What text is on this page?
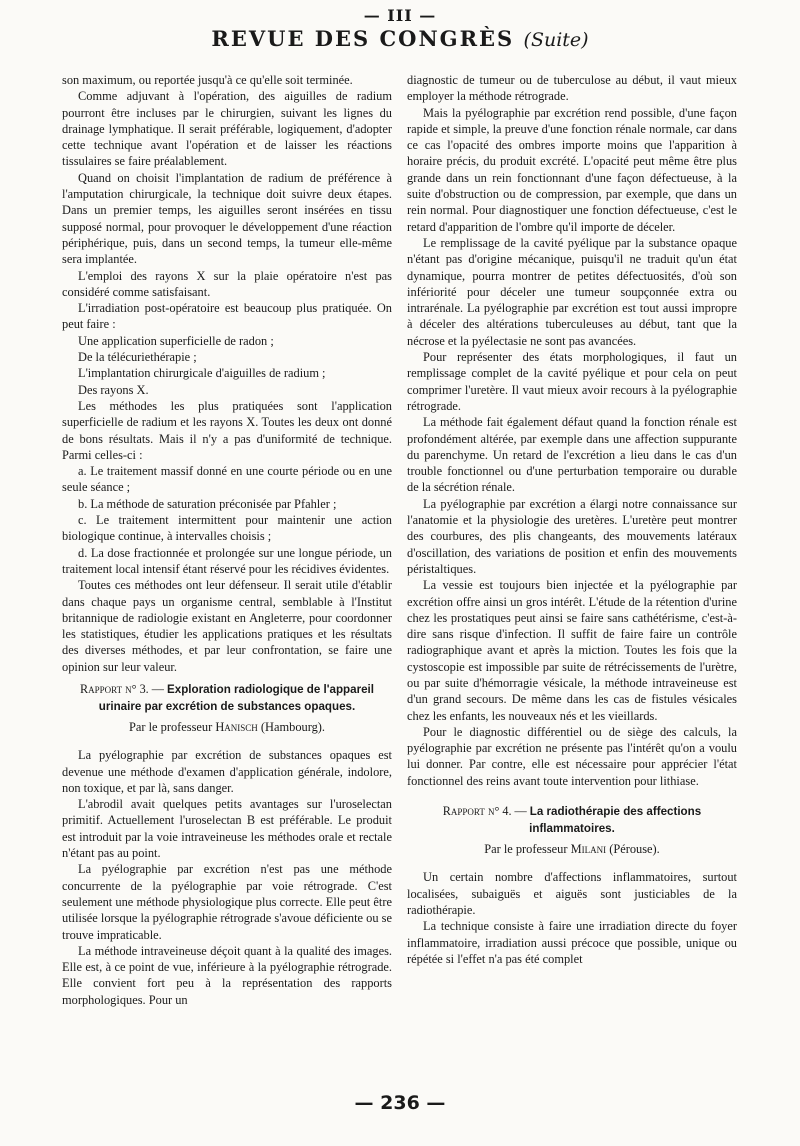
— III —
REVUE DES CONGRÈS (Suite)

son maximum, ou reportée jusqu'à ce qu'elle soit terminée.

Comme adjuvant à l'opération, des aiguilles de radium pourront être incluses par le chirurgien, suivant les lignes du drainage lymphatique. Il serait préférable, logiquement, d'adopter cette technique avant l'opération et de laisser les réactions tissulaires se faire préalablement.

Quand on choisit l'implantation de radium de préférence à l'amputation chirurgicale, la technique doit suivre deux étapes. Dans un premier temps, les aiguilles seront insérées en tissu supposé normal, pour provoquer le développement d'une réaction périphérique, puis, dans un second temps, la tumeur elle-même sera implantée.

L'emploi des rayons X sur la plaie opératoire n'est pas considéré comme satisfaisant.

L'irradiation post-opératoire est beaucoup plus pratiquée. On peut faire :

Une application superficielle de radon ;

De la télécuriethérapie ;

L'implantation chirurgicale d'aiguilles de radium ;

Des rayons X.

Les méthodes les plus pratiquées sont l'application superficielle de radium et les rayons X. Toutes les deux ont donné de bons résultats. Mais il n'y a pas d'uniformité de technique. Parmi celles-ci :

a. Le traitement massif donné en une courte période ou en une seule séance ;

b. La méthode de saturation préconisée par Pfahler ;

c. Le traitement intermittent pour maintenir une action biologique continue, à intervalles choisis ;

d. La dose fractionnée et prolongée sur une longue période, un traitement local intensif étant réservé pour les récidives évidentes.

Toutes ces méthodes ont leur défenseur. Il serait utile d'établir dans chaque pays un organisme central, semblable à l'Institut britannique de radiologie existant en Angleterre, pour coordonner les statistiques, étudier les applications pratiques et les résultats des diverses méthodes, et par leur confrontation, se faire une opinion sur leur valeur.

Rapport n° 3. — Exploration radiologique de l'appareil urinaire par excrétion de substances opaques.
Par le professeur Hanisch (Hambourg).

La pyélographie par excrétion de substances opaques est devenue une méthode d'examen d'application générale, indolore, non toxique, et par là, sans danger.

L'abrodil avait quelques petits avantages sur l'uroselectan primitif. Actuellement l'uroselectan B est préférable. Le produit est introduit par la voie intraveineuse les méthodes orale et rectale n'étant pas au point.

La pyélographie par excrétion n'est pas une méthode concurrente de la pyélographie par voie rétrograde. C'est seulement une méthode physiologique plus correcte. Elle peut être utilisée lorsque la pyélographie rétrograde s'avoue déficiente ou se trouve impraticable.

La méthode intraveineuse déçoit quant à la qualité des images. Elle est, à ce point de vue, inférieure à la pyélographie rétrograde. Elle convient fort peu à la représentation des rapports morphologiques. Pour un

diagnostic de tumeur ou de tuberculose au début, il vaut mieux employer la méthode rétrograde.

Mais la pyélographie par excrétion rend possible, d'une façon rapide et simple, la preuve d'une fonction rénale normale, car dans ce cas l'opacité des ombres importe moins que l'apparition à horaire précis, du produit excrété. L'opacité peut même être plus grande dans un rein fonctionnant d'une façon défectueuse, à la suite d'obstruction ou de compression, par exemple, que dans un rein normal. Pour diagnostiquer une fonction défectueuse, c'est le retard d'apparition de l'ombre qu'il importe de déceler.

Le remplissage de la cavité pyélique par la substance opaque n'étant pas d'origine mécanique, puisqu'il ne traduit qu'un état dynamique, pourra montrer de petites défectuosités, d'où son infériorité pour déceler une tumeur soupçonnée extra ou intrarénale. La pyélographie par excrétion est tout aussi impropre à déceler des altérations tuberculeuses au début, tant que la nécrose et la pyélectasie ne sont pas avancées.

Pour représenter des états morphologiques, il faut un remplissage complet de la cavité pyélique et pour cela on peut comprimer l'uretère. Il vaut mieux avoir recours à la pyélographie rétrograde.

La méthode fait également défaut quand la fonction rénale est profondément altérée, par exemple dans une affection suppurante du parenchyme. Un retard de l'excrétion a lieu dans le cas d'un trouble fonctionnel ou d'une perturbation temporaire ou durable de la sécrétion rénale.

La pyélographie par excrétion a élargi notre connaissance sur l'anatomie et la physiologie des uretères. L'uretère peut montrer des courbures, des plis changeants, des mouvements latéraux d'oscillation, des variations de position et enfin des mouvements péristaltiques.

La vessie est toujours bien injectée et la pyélographie par excrétion offre ainsi un gros intérêt. L'étude de la rétention d'urine chez les prostatiques peut ainsi se faire sans cathétérisme, c'est-à-dire sans risque d'infection. Il suffit de faire faire un contrôle radiographique avant et après la miction. Toutes les fois que la cystoscopie est impossible par suite de rétrécissements de l'urètre, ou par suite d'hémorragie vésicale, la méthode intraveineuse est d'un grand secours. De même dans les cas de fistules vésicales chez les enfants, les nouveaux nés et les vieillards.

Pour le diagnostic différentiel ou de siège des calculs, la pyélographie par excrétion ne présente pas l'intérêt qu'on a voulu lui donner. Par contre, elle est nécessaire pour apprécier l'état fonctionnel des reins avant toute intervention pour lithiase.

Rapport n° 4. — La radiothérapie des affections inflammatoires.
Par le professeur Milani (Pérouse).

Un certain nombre d'affections inflammatoires, surtout localisées, subaiguës et aiguës sont justiciables de la radiothérapie.

La technique consiste à faire une irradiation directe du foyer inflammatoire, irradiation aussi précoce que possible, unique ou répétée si l'effet n'a pas été complet

— 236 —
